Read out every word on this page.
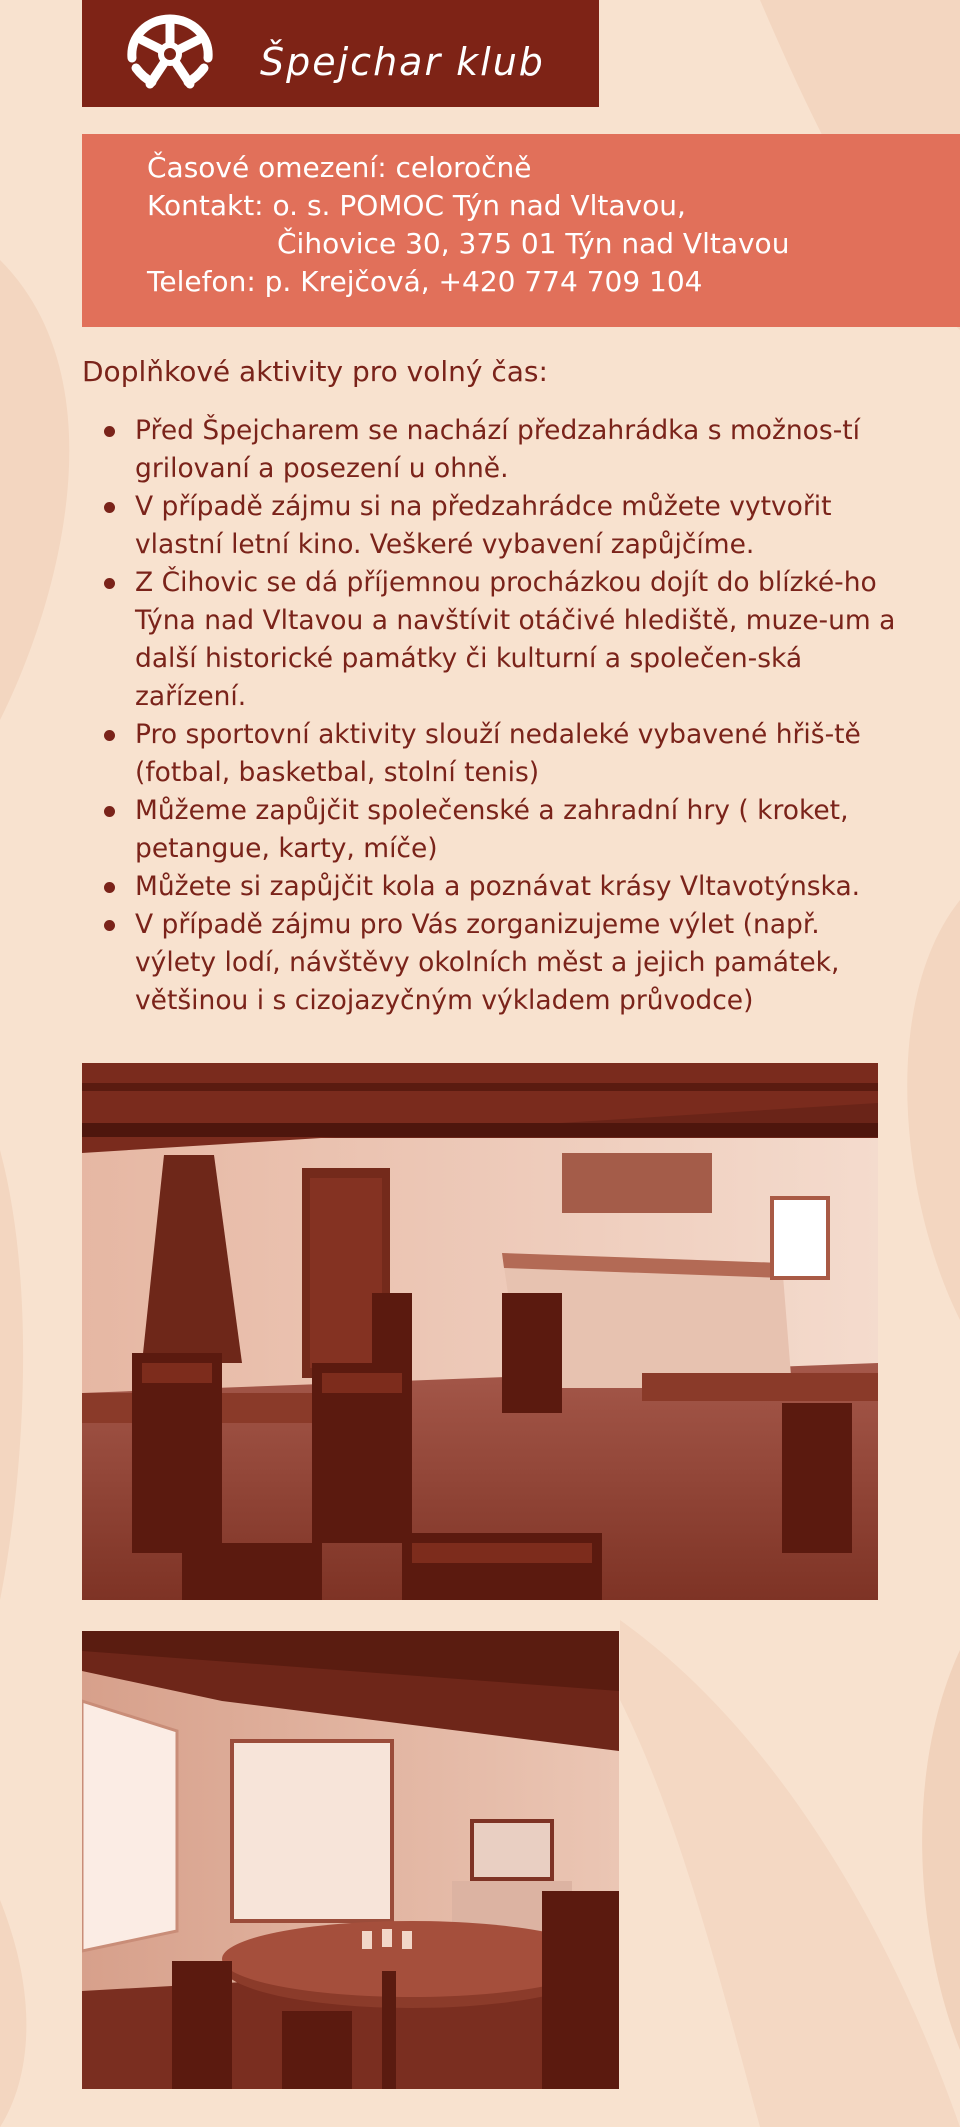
Špejchar klub
Časové omezení: celoročně
Kontakt: o. s. POMOC Týn nad Vltavou,
Čihovice 30, 375 01 Týn nad Vltavou
Telefon: p. Krejčová, +420 774 709 104
Doplňkové aktivity pro volný čas:
Před Špejcharem se nachází předzahrádka s možnos-tí grilovaní a posezení u ohně.
V případě zájmu si na předzahrádce můžete vytvořit vlastní letní kino. Veškeré vybavení zapůjčíme.
Z Čihovic se dá příjemnou procházkou dojít do blízké-ho Týna nad Vltavou a navštívit otáčivé hlediště, muze-um a další historické památky či kulturní a společen-ská zařízení.
Pro sportovní aktivity slouží nedaleké vybavené hřiš-tě (fotbal, basketbal, stolní tenis)
Můžeme zapůjčit společenské a zahradní hry ( kroket, petangue, karty, míče)
Můžete si zapůjčit kola a poznávat krásy Vltavotýnska.
V případě zájmu pro Vás zorganizujeme výlet (např. výlety lodí, návštěvy okolních měst a jejich památek, většinou i s cizojazyčným výkladem průvodce)
